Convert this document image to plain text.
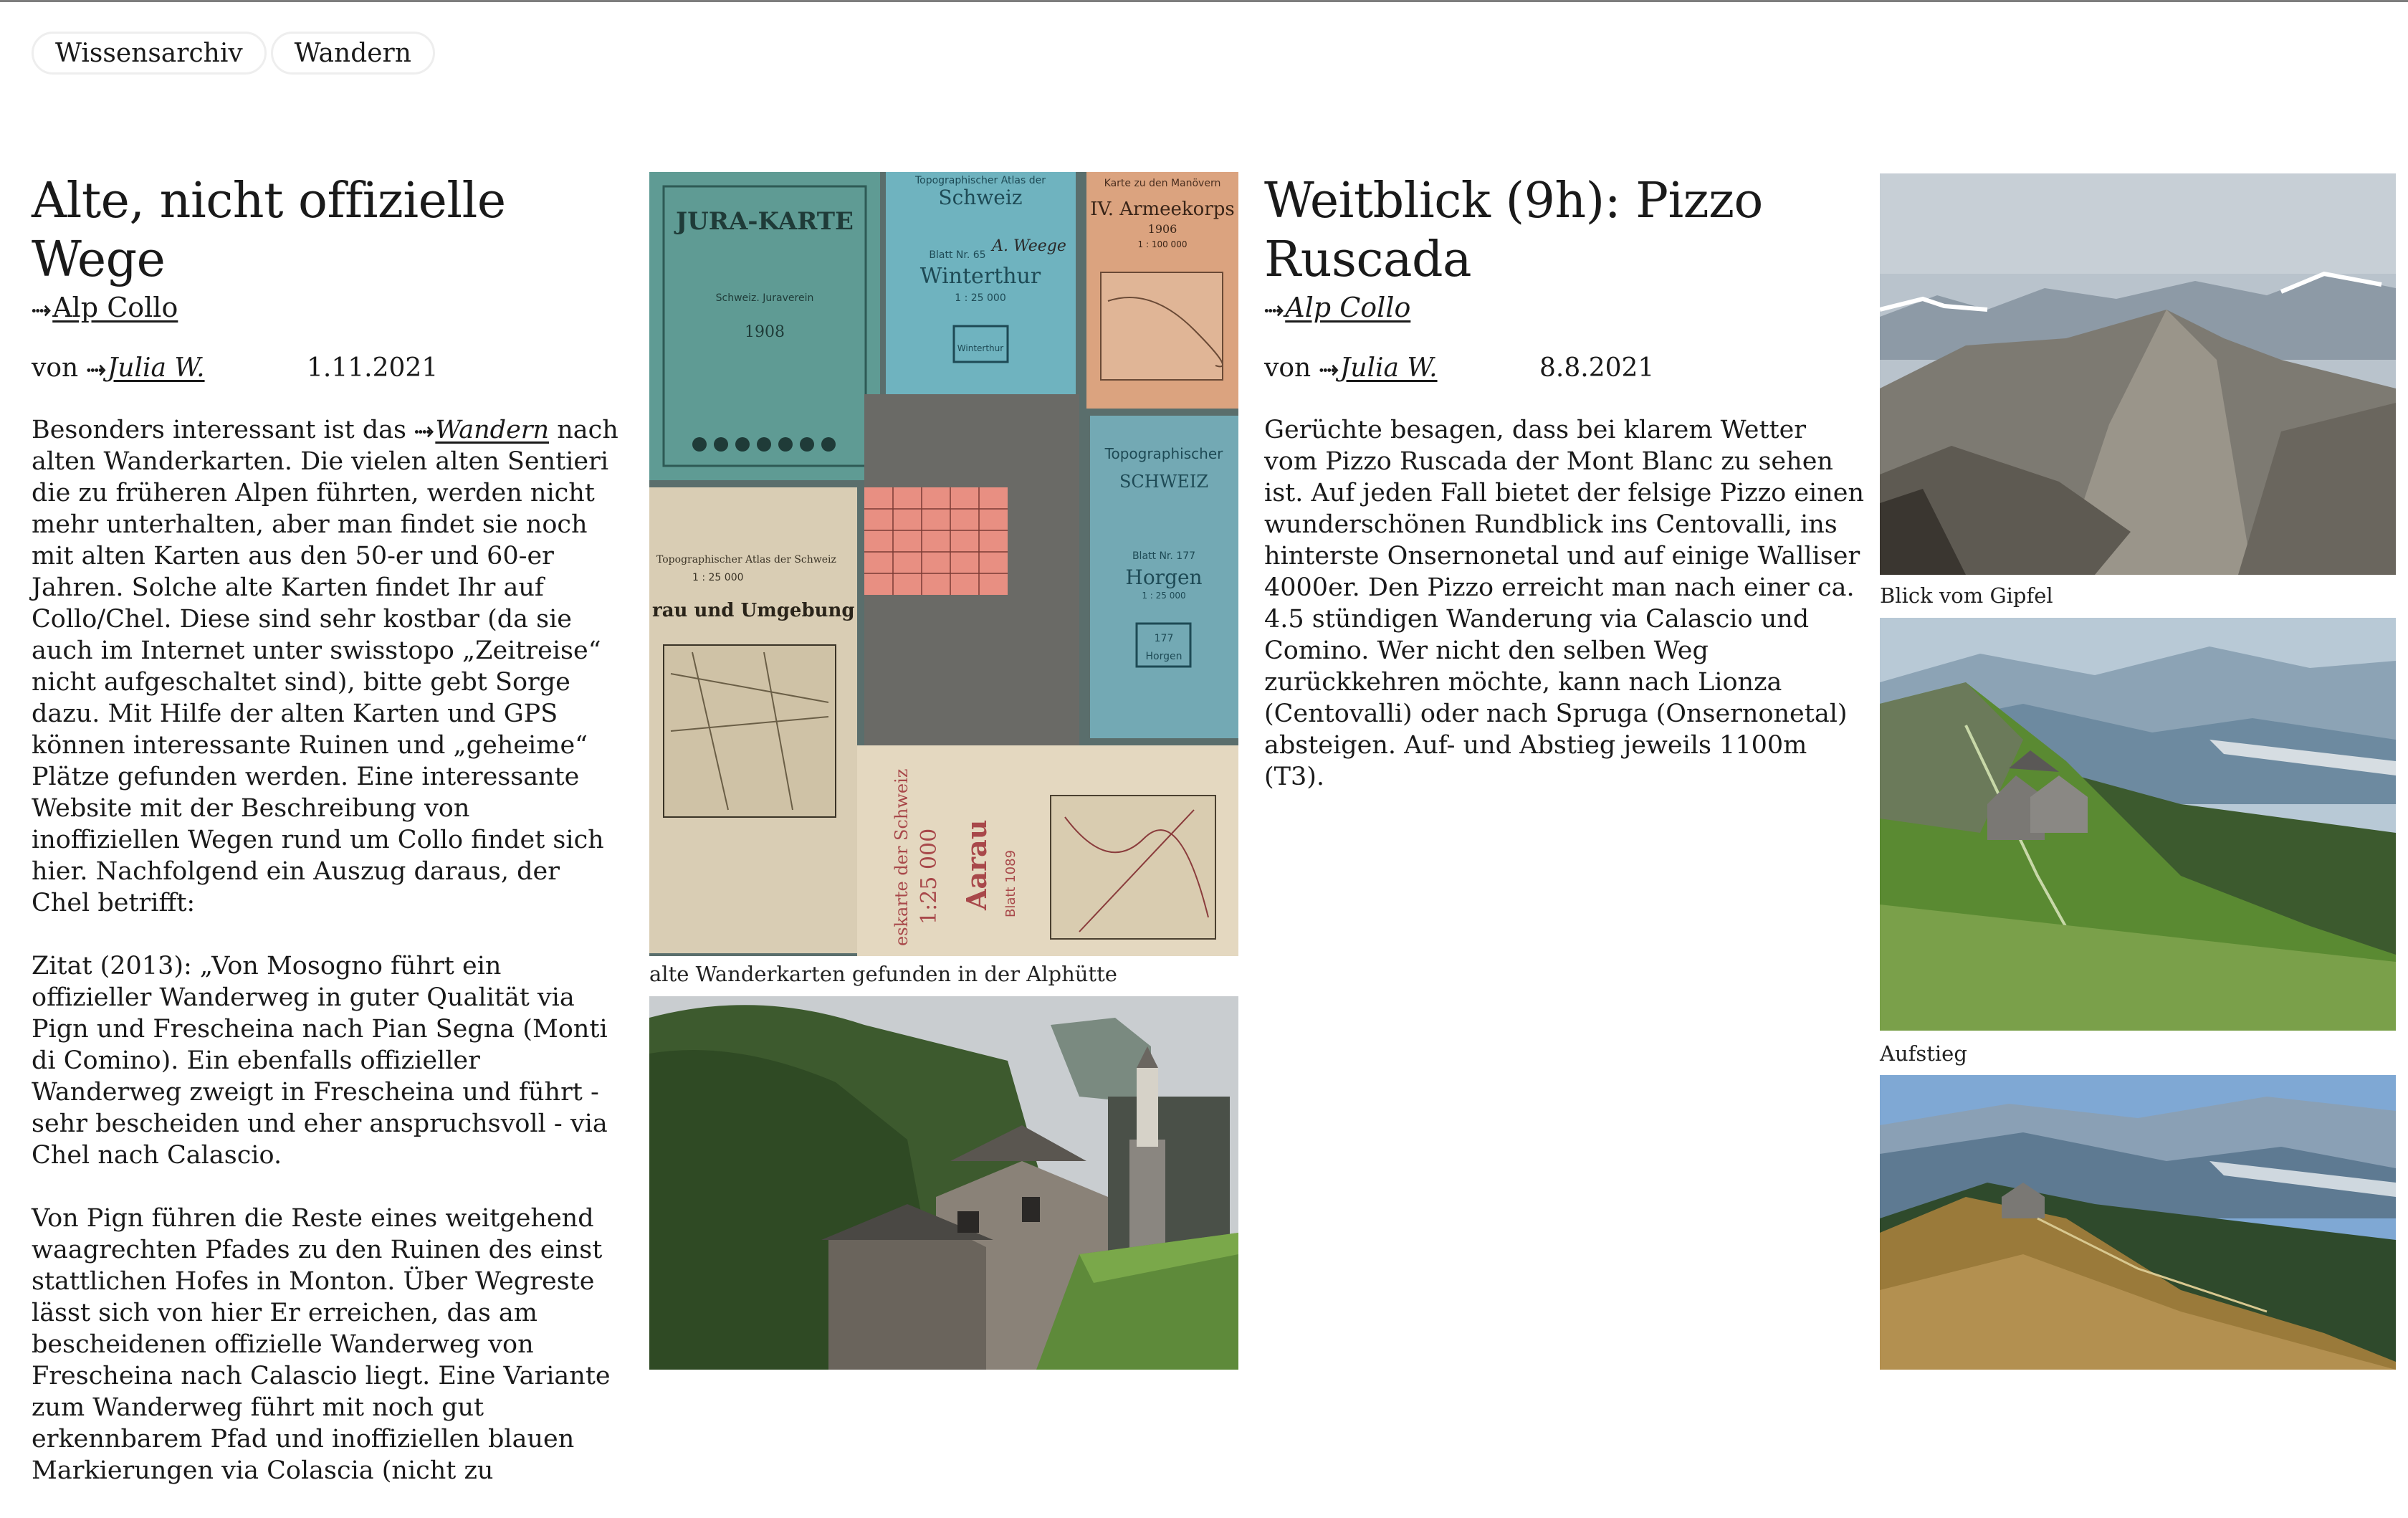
Wissensarchiv	Wandern
Alte, nicht offizielle Wege
⤑Alp Collo
von ⤑Julia W.	1.11.2021

Besonders interessant ist das ⤑Wandern nach alten Wanderkarten. Die vielen alten Sentieri die zu früheren Alpen führten, werden nicht mehr unterhalten, aber man findet sie noch mit alten Karten aus den 50-er und 60-er Jahren. Solche alte Karten findet Ihr auf Collo/Chel. Diese sind sehr kostbar (da sie auch im Internet unter swisstopo „Zeitreise“ nicht aufgeschaltet sind), bitte gebt Sorge dazu. Mit Hilfe der alten Karten und GPS können interessante Ruinen und „geheime“ Plätze gefunden werden. Eine interessante Website mit der Beschreibung von inoffiziellen Wegen rund um Collo findet sich hier. Nachfolgend ein Auszug daraus, der Chel betrifft:

Zitat (2013): „Von Mosogno führt ein offizieller Wanderweg in guter Qualität via Pign und Frescheina nach Pian Segna (Monti di Comino). Ein ebenfalls offizieller Wanderweg zweigt in Frescheina und führt - sehr bescheiden und eher anspruchsvoll - via Chel nach Calascio.

Von Pign führen die Reste eines weitgehend waagrechten Pfades zu den Ruinen des einst stattlichen Hofes in Monton. Über Wegreste lässt sich von hier Er erreichen, das am bescheidenen offizielle Wanderweg von Frescheina nach Calascio liegt. Eine Variante zum Wanderweg führt mit noch gut erkennbarem Pfad und inoffiziellen blauen Markierungen via Colascia (nicht zu

JURA-KARTE
Schweiz. Juraverein
1908
Topographischer Atlas der
Schweiz
Blatt Nr. 65
Winterthur
1 : 25 000
A. Weege
Winterthur
Karte zu den Manövern
IV. Armeekorps
1906
1 : 100 000
Topographischer Atlas der Schweiz
1 : 25 000
rau und Umgebung
Topographischer
SCHWEIZ
Blatt Nr. 177
Horgen
1 : 25 000
177
Horgen
eskarte der Schweiz 1:25 000 Aarau Blatt 1089
alte Wanderkarten gefunden in der Alphütte
Weitblick (9h): Pizzo Ruscada
⤑Alp Collo
von ⤑Julia W.	8.8.2021

Gerüchte besagen, dass bei klarem Wetter vom Pizzo Ruscada der Mont Blanc zu sehen ist. Auf jeden Fall bietet der felsige Pizzo einen wunderschönen Rundblick ins Centovalli, ins hinterste Onsernonetal und auf einige Walliser 4000er. Den Pizzo erreicht man nach einer ca. 4.5 stündigen Wanderung via Calascio und Comino. Wer nicht den selben Weg zurückkehren möchte, kann nach Lionza (Centovalli) oder nach Spruga (Onsernonetal) absteigen. Auf- und Abstieg jeweils 1100m (T3).

Blick vom Gipfel
Aufstieg
